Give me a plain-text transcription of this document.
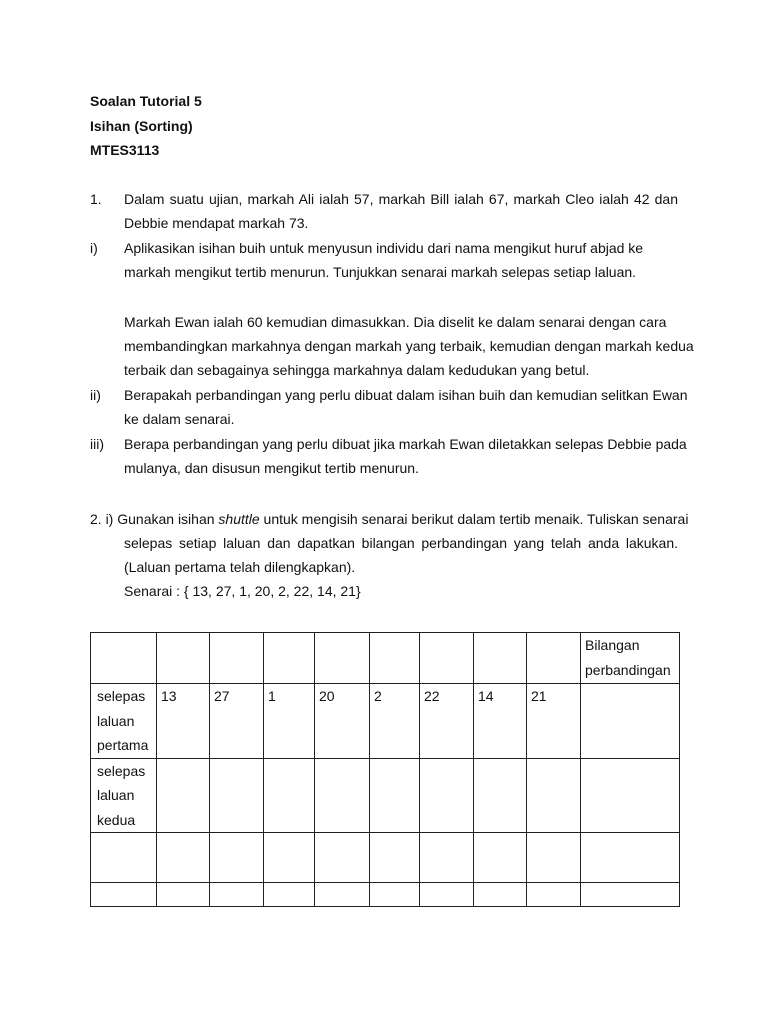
Soalan Tutorial 5
Isihan (Sorting)
MTES3113
1. Dalam suatu ujian, markah Ali ialah 57, markah Bill ialah 67, markah Cleo ialah 42 dan
Debbie mendapat markah 73.
i) Aplikasikan isihan buih untuk menyusun individu dari nama mengikut huruf abjad ke
markah mengikut tertib menurun. Tunjukkan senarai markah selepas setiap laluan.
Markah Ewan ialah 60 kemudian dimasukkan. Dia diselit ke dalam senarai dengan cara
membandingkan markahnya dengan markah yang terbaik, kemudian dengan markah kedua
terbaik dan sebagainya sehingga markahnya dalam kedudukan yang betul.
ii) Berapakah perbandingan yang perlu dibuat dalam isihan buih dan kemudian selitkan Ewan
ke dalam senarai.
iii) Berapa perbandingan yang perlu dibuat jika markah Ewan diletakkan selepas Debbie pada
mulanya, dan disusun mengikut tertib menurun.
2. i) Gunakan isihan shuttle untuk mengisih senarai berikut dalam tertib menaik. Tuliskan senarai
selepas setiap laluan dan dapatkan bilangan perbandingan yang telah anda lakukan.
(Laluan pertama telah dilengkapkan).
Senarai : { 13, 27, 1, 20, 2, 22, 14, 21}
									Bilangan perbandingan
selepas laluan pertama	13	27	1	20	2	22	14	21	
selepas laluan kedua									
